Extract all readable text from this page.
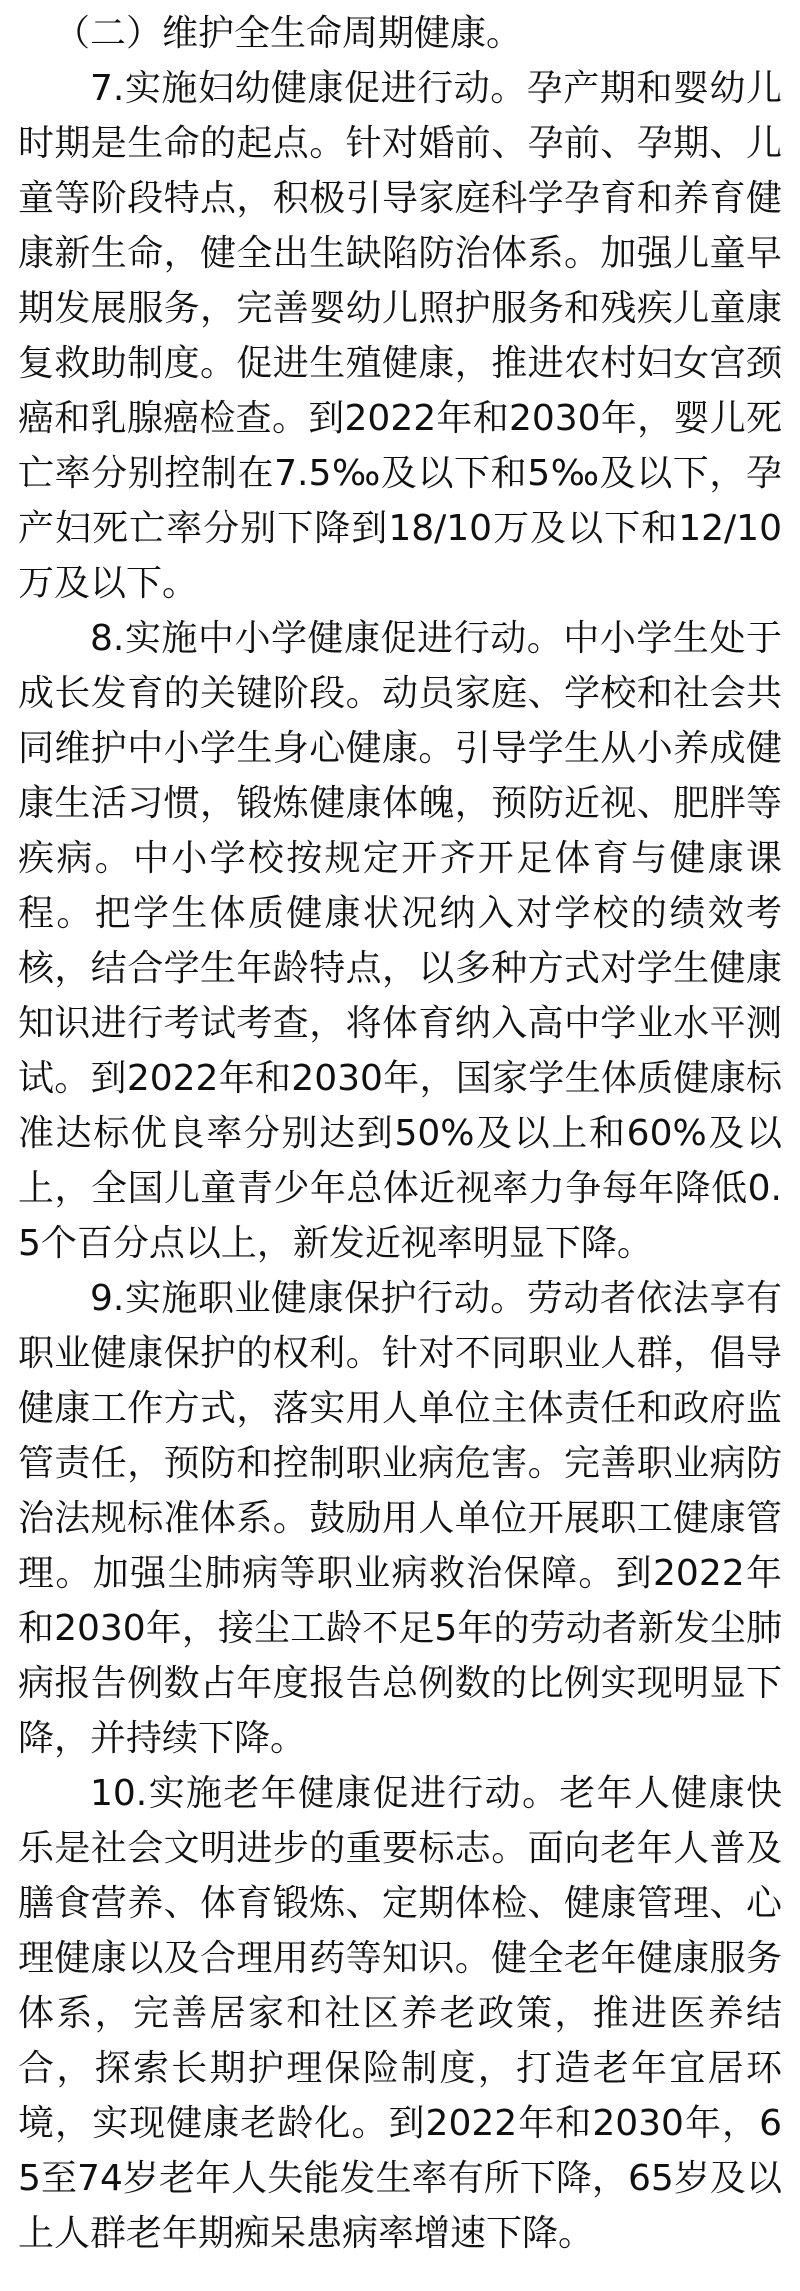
（二）维护全生命周期健康。

7.实施妇幼健康促进行动。孕产期和婴幼儿时期是生命的起点。针对婚前、孕前、孕期、儿童等阶段特点，积极引导家庭科学孕育和养育健康新生命，健全出生缺陷防治体系。加强儿童早期发展服务，完善婴幼儿照护服务和残疾儿童康复救助制度。促进生殖健康，推进农村妇女宫颈癌和乳腺癌检查。到2022年和2030年，婴儿死亡率分别控制在7.5‰及以下和5‰及以下，孕产妇死亡率分别下降到18/10万及以下和12/10万及以下。

8.实施中小学健康促进行动。中小学生处于成长发育的关键阶段。动员家庭、学校和社会共同维护中小学生身心健康。引导学生从小养成健康生活习惯，锻炼健康体魄，预防近视、肥胖等疾病。中小学校按规定开齐开足体育与健康课程。把学生体质健康状况纳入对学校的绩效考核，结合学生年龄特点，以多种方式对学生健康知识进行考试考查，将体育纳入高中学业水平测试。到2022年和2030年，国家学生体质健康标准达标优良率分别达到50%及以上和60%及以上，全国儿童青少年总体近视率力争每年降低0.5个百分点以上，新发近视率明显下降。

9.实施职业健康保护行动。劳动者依法享有职业健康保护的权利。针对不同职业人群，倡导健康工作方式，落实用人单位主体责任和政府监管责任，预防和控制职业病危害。完善职业病防治法规标准体系。鼓励用人单位开展职工健康管理。加强尘肺病等职业病救治保障。到2022年和2030年，接尘工龄不足5年的劳动者新发尘肺病报告例数占年度报告总例数的比例实现明显下降，并持续下降。

10.实施老年健康促进行动。老年人健康快乐是社会文明进步的重要标志。面向老年人普及膳食营养、体育锻炼、定期体检、健康管理、心理健康以及合理用药等知识。健全老年健康服务体系，完善居家和社区养老政策，推进医养结合，探索长期护理保险制度，打造老年宜居环境，实现健康老龄化。到2022年和2030年，65至74岁老年人失能发生率有所下降，65岁及以上人群老年期痴呆患病率增速下降。
